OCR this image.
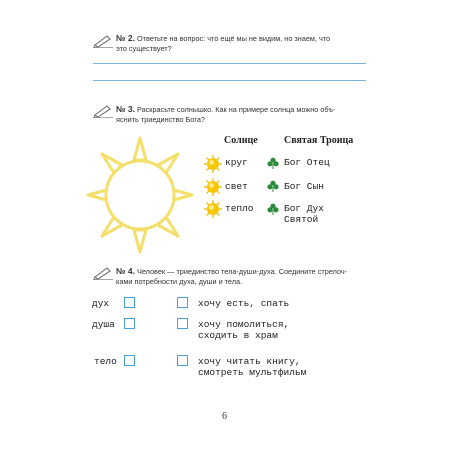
№ 2. Ответьте на вопрос: что ещё мы не видим, но знаем, что
это существует?
№ 3. Раскрасьте солнышко. Как на примере солнца можно объ-
яснить триединство Бога?
Солнце	Святая Троица
круг	Бог Отец
свет	Бог Сын
тепло	Бог Дух
Святой
№ 4. Человек — триединство тела-души-духа. Соедините стрелоч-
ками потребности духа, души и тела.
дух
душа
тело
хочу есть, спать
хочу помолиться,
сходить в храм
хочу читать книгу,
смотреть мультфильм
6
